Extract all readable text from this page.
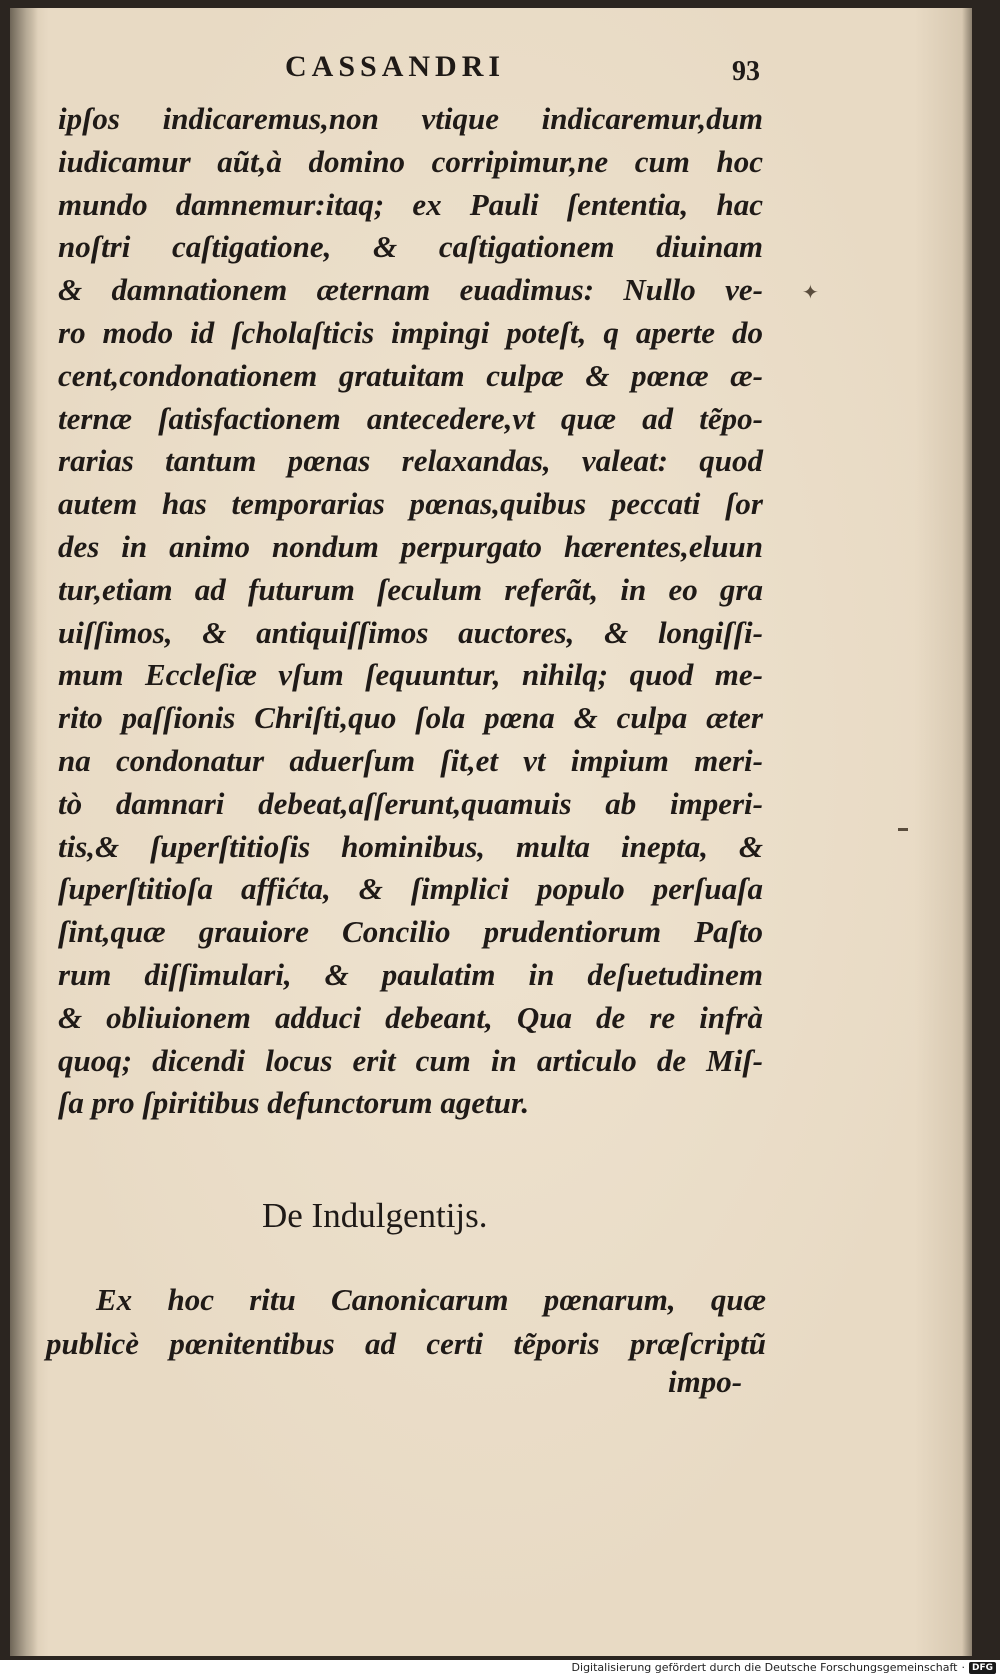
CASSANDRI	93
ipſos indicaremus,non vtique indicaremur,dum
iudicamur aũt,à domino corripimur,ne cum hoc
mundo damnemur:itaq; ex Pauli ſententia, hac
noſtri caſtigatione, & caſtigationem diuinam
& damnationem æternam euadimus: Nullo ve-
ro modo id ſcholaſticis impingi poteſt, q aperte do
cent,condonationem gratuitam culpæ & pœnæ æ-
ternæ ſatisfactionem antecedere,vt quæ ad tẽpo-
rarias tantum pœnas relaxandas, valeat: quod
autem has temporarias pœnas,quibus peccati ſor
des in animo nondum perpurgato hærentes,eluun
tur,etiam ad futurum ſeculum referãt, in eo gra
uiſſimos, & antiquiſſimos auctores, & longiſſi-
mum Eccleſiæ vſum ſequuntur, nihilq; quod me-
rito paſſionis Chriſti,quo ſola pœna & culpa æter
na condonatur aduerſum ſit,et vt impium meri-
tò damnari debeat,aſſerunt,quamuis ab imperi-
tis,& ſuperſtitioſis hominibus, multa inepta, &
ſuperſtitioſa affićta, & ſimplici populo perſuaſa
ſint,quæ grauiore Concilio prudentiorum Paſto
rum diſſimulari, & paulatim in deſuetudinem
& obliuionem adduci debeant, Qua de re infrà
quoq; dicendi locus erit cum in articulo de Miſ-
ſa pro ſpiritibus defunctorum agetur.
De Indulgentijs.
Ex hoc ritu Canonicarum pœnarum, quæ
publicè pœnitentibus ad certi tẽporis præſcriptũ
impo-
✦
Digitalisierung gefördert durch die Deutsche Forschungsgemeinschaft · DFG
